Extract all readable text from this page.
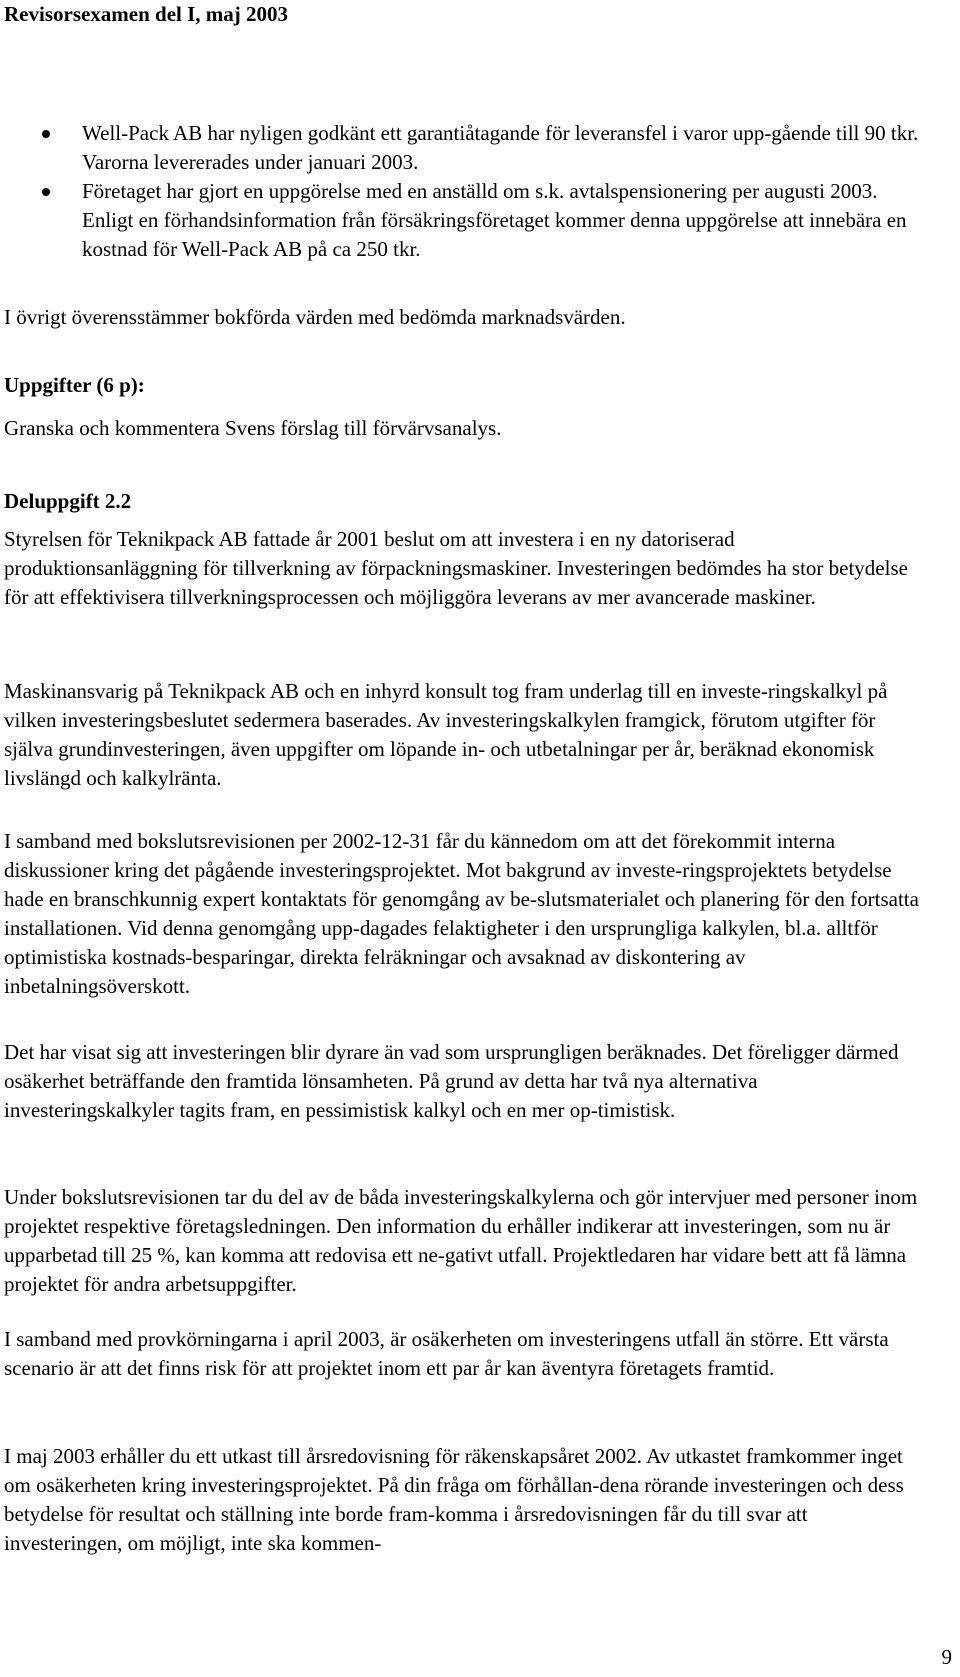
Revisorsexamen del I, maj 2003
Well-Pack AB har nyligen godkänt ett garantiåtagande för leveransfel i varor upp-gående till 90 tkr. Varorna levererades under januari 2003.
Företaget har gjort en uppgörelse med en anställd om s.k. avtalspensionering per augusti 2003. Enligt en förhandsinformation från försäkringsföretaget kommer denna uppgörelse att innebära en kostnad för Well-Pack AB på ca 250 tkr.

I övrigt överensstämmer bokförda värden med bedömda marknadsvärden.

Uppgifter (6 p):

Granska och kommentera Svens förslag till förvärvsanalys.

Deluppgift 2.2

Styrelsen för Teknikpack AB fattade år 2001 beslut om att investera i en ny datoriserad produktionsanläggning för tillverkning av förpackningsmaskiner. Investeringen bedömdes ha stor betydelse för att effektivisera tillverkningsprocessen och möjliggöra leverans av mer avancerade maskiner.

Maskinansvarig på Teknikpack AB och en inhyrd konsult tog fram underlag till en investe-ringskalkyl på vilken investeringsbeslutet sedermera baserades. Av investeringskalkylen framgick, förutom utgifter för själva grundinvesteringen, även uppgifter om löpande in- och utbetalningar per år, beräknad ekonomisk livslängd och kalkylränta.

I samband med bokslutsrevisionen per 2002-12-31 får du kännedom om att det förekommit interna diskussioner kring det pågående investeringsprojektet. Mot bakgrund av investe-ringsprojektets betydelse hade en branschkunnig expert kontaktats för genomgång av be-slutsmaterialet och planering för den fortsatta installationen. Vid denna genomgång upp-dagades felaktigheter i den ursprungliga kalkylen, bl.a. alltför optimistiska kostnads-besparingar, direkta felräkningar och avsaknad av diskontering av inbetalningsöverskott.

Det har visat sig att investeringen blir dyrare än vad som ursprungligen beräknades. Det föreligger därmed osäkerhet beträffande den framtida lönsamheten. På grund av detta har två nya alternativa investeringskalkyler tagits fram, en pessimistisk kalkyl och en mer op-timistisk.

Under bokslutsrevisionen tar du del av de båda investeringskalkylerna och gör intervjuer med personer inom projektet respektive företagsledningen. Den information du erhåller indikerar att investeringen, som nu är upparbetad till 25 %, kan komma att redovisa ett ne-gativt utfall. Projektledaren har vidare bett att få lämna projektet för andra arbetsuppgifter.

I samband med provkörningarna i april 2003, är osäkerheten om investeringens utfall än större. Ett värsta scenario är att det finns risk för att projektet inom ett par år kan äventyra företagets framtid.

I maj 2003 erhåller du ett utkast till årsredovisning för räkenskapsåret 2002. Av utkastet framkommer inget om osäkerheten kring investeringsprojektet. På din fråga om förhållan-dena rörande investeringen och dess betydelse för resultat och ställning inte borde fram-komma i årsredovisningen får du till svar att investeringen, om möjligt, inte ska kommen-

9
